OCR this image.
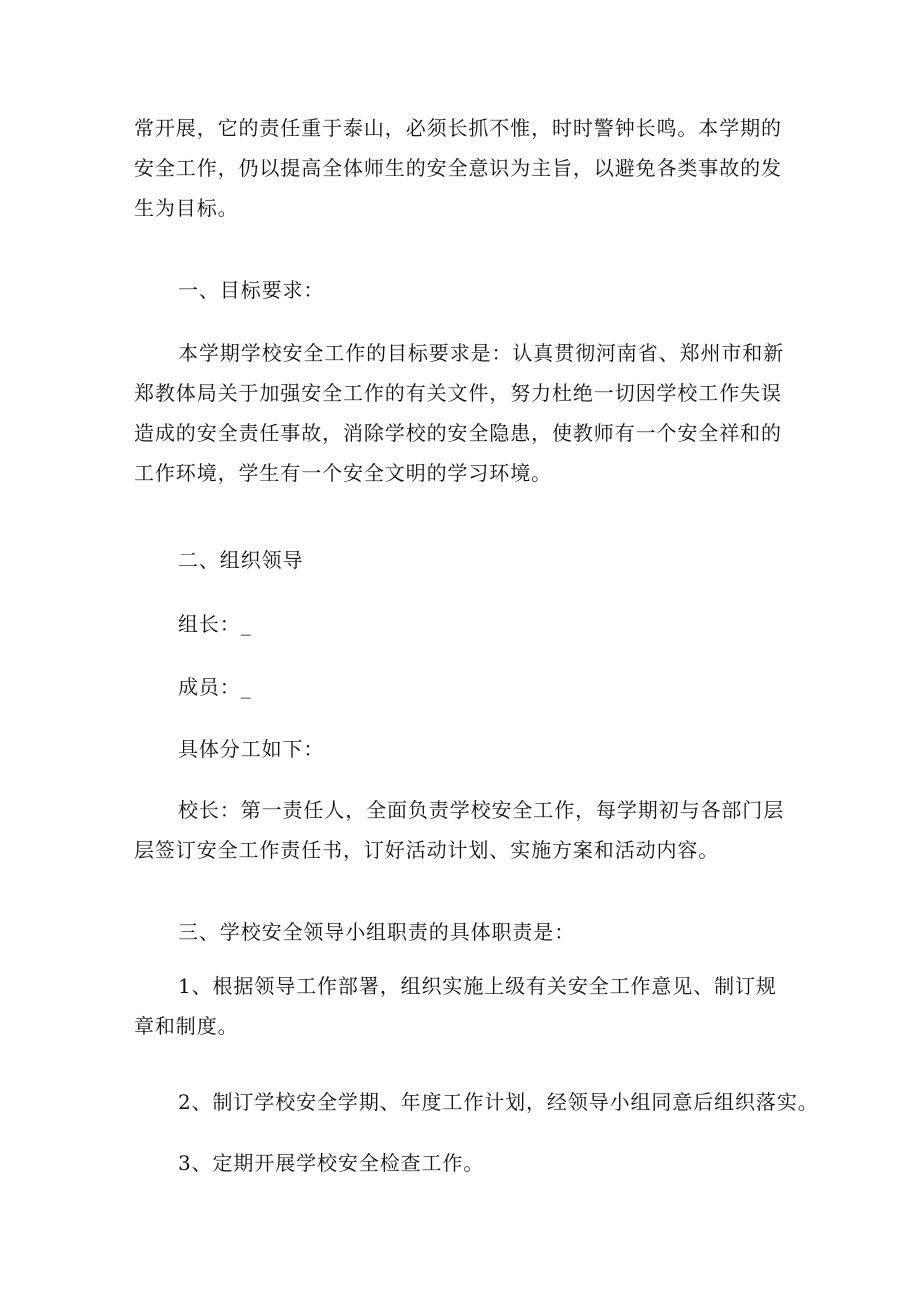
常开展，它的责任重于泰山，必须长抓不惟，时时警钟长鸣。本学期的安全工作，仍以提高全体师生的安全意识为主旨，以避免各类事故的发生为目标。

一、目标要求：

本学期学校安全工作的目标要求是：认真贯彻河南省、郑州市和新郑教体局关于加强安全工作的有关文件，努力杜绝一切因学校工作失误造成的安全责任事故，消除学校的安全隐患，使教师有一个安全祥和的工作环境，学生有一个安全文明的学习环境。

二、组织领导

组长：_

成员：_

具体分工如下：

校长：第一责任人，全面负责学校安全工作，每学期初与各部门层层签订安全工作责任书，订好活动计划、实施方案和活动内容。

三、学校安全领导小组职责的具体职责是：

1、根据领导工作部署，组织实施上级有关安全工作意见、制订规章和制度。

2、制订学校安全学期、年度工作计划，经领导小组同意后组织落实。

3、定期开展学校安全检查工作。
